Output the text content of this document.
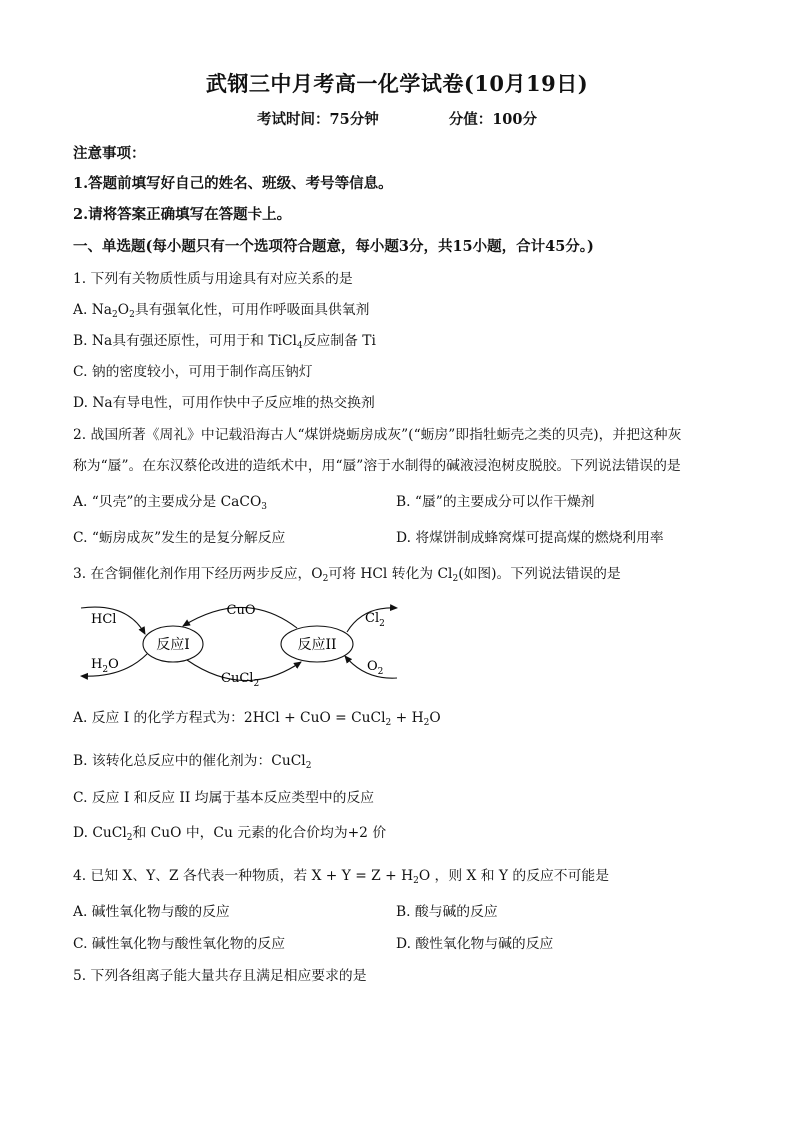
武钢三中月考高一化学试卷(10月19日)
考试时间：75分钟	分值：100分
注意事项：
1.答题前填写好自己的姓名、班级、考号等信息。
2.请将答案正确填写在答题卡上。
一、单选题(每小题只有一个选项符合题意，每小题3分，共15小题，合计45分。)
1. 下列有关物质性质与用途具有对应关系的是
A. $Na_2O_2$具有强氧化性，可用作呼吸面具供氧剂
B. Na具有强还原性，可用于和 TiCl$_4$反应制备 Ti
C. 钠的密度较小，可用于制作高压钠灯
D. Na有导电性，可用作快中子反应堆的热交换剂
2. 战国所著《周礼》中记载沿海古人“煤饼烧蛎房成灰”(“蛎房”即指牡蛎壳之类的贝壳)，并把这种灰
称为“蜃”。在东汉蔡伦改进的造纸术中，用“蜃”溶于水制得的碱液浸泡树皮脱胶。下列说法错误的是
A. “贝壳”的主要成分是 CaCO$_3$	B. “蜃”的主要成分可以作干燥剂
C. “蛎房成灰”发生的是复分解反应	D. 将煤饼制成蜂窝煤可提高煤的燃烧利用率
3. 在含铜催化剂作用下经历两步反应，$O_2$可将 HCl 转化为 $Cl_2$(如图)。下列说法错误的是
反应I	反应II
CuO
CuCl$_2$
HCl
$H_2O$
$Cl_2$
$O_2$
A. 反应 I 的化学方程式为：2HCl + CuO = CuCl$_2$ + $H_2O$
B. 该转化总反应中的催化剂为：CuCl$_2$
C. 反应 I 和反应 II 均属于基本反应类型中的反应
D. CuCl$_2$和 CuO 中，Cu 元素的化合价均为+2 价
4. 已知 X、Y、Z 各代表一种物质，若 $X + Y = Z + H_2O$ ，则 X 和 Y 的反应不可能是
A. 碱性氧化物与酸的反应	B. 酸与碱的反应
C. 碱性氧化物与酸性氧化物的反应	D. 酸性氧化物与碱的反应
5. 下列各组离子能大量共存且满足相应要求的是
